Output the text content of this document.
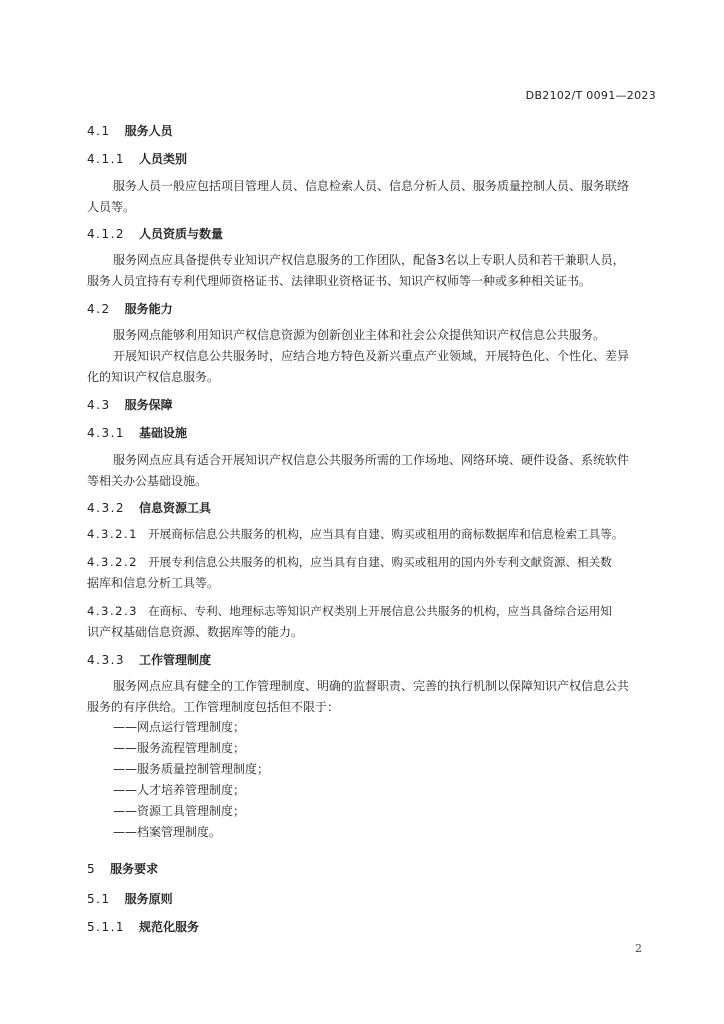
DB2102/T 0091—2023
4.1 服务人员
4.1.1 人员类别
服务人员一般应包括项目管理人员、信息检索人员、信息分析人员、服务质量控制人员、服务联络
人员等。
4.1.2 人员资质与数量
服务网点应具备提供专业知识产权信息服务的工作团队，配备3名以上专职人员和若干兼职人员，
服务人员宜持有专利代理师资格证书、法律职业资格证书、知识产权师等一种或多种相关证书。
4.2 服务能力
服务网点能够利用知识产权信息资源为创新创业主体和社会公众提供知识产权信息公共服务。
开展知识产权信息公共服务时，应结合地方特色及新兴重点产业领域，开展特色化、个性化、差异
化的知识产权信息服务。
4.3 服务保障
4.3.1 基础设施
服务网点应具有适合开展知识产权信息公共服务所需的工作场地、网络环境、硬件设备、系统软件
等相关办公基础设施。
4.3.2 信息资源工具
4.3.2.1 开展商标信息公共服务的机构，应当具有自建、购买或租用的商标数据库和信息检索工具等。
4.3.2.2 开展专利信息公共服务的机构，应当具有自建、购买或租用的国内外专利文献资源、相关数
据库和信息分析工具等。
4.3.2.3 在商标、专利、地理标志等知识产权类别上开展信息公共服务的机构，应当具备综合运用知
识产权基础信息资源、数据库等的能力。
4.3.3 工作管理制度
服务网点应具有健全的工作管理制度、明确的监督职责、完善的执行机制以保障知识产权信息公共
服务的有序供给。工作管理制度包括但不限于：
——网点运行管理制度；
——服务流程管理制度；
——服务质量控制管理制度；
——人才培养管理制度；
——资源工具管理制度；
——档案管理制度。
5 服务要求
5.1 服务原则
5.1.1 规范化服务
2
